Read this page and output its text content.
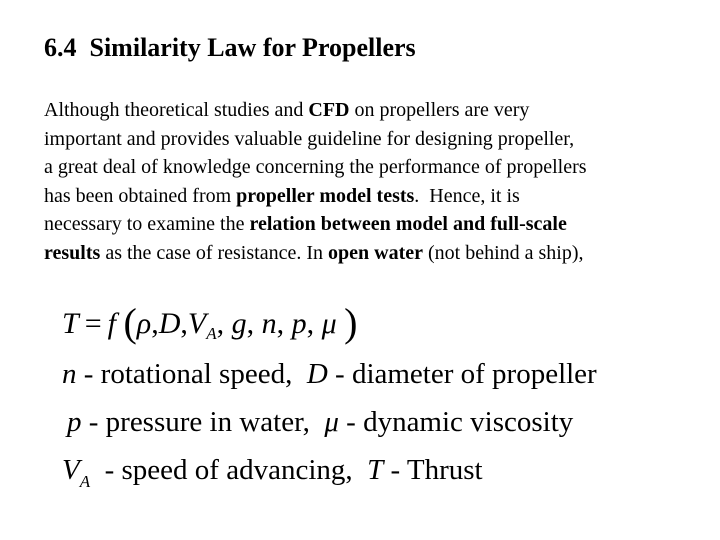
6.4  Similarity Law for Propellers
Although theoretical studies and CFD on propellers are very
important and provides valuable guideline for designing propeller,
a great deal of knowledge concerning the performance of propellers
has been obtained from propeller model tests.  Hence, it is
necessary to examine the relation between model and full-scale
results as the case of resistance. In open water (not behind a ship),
T = f ($\rho,D,V_A$, g, n, p, μ )
n - rotational speed,  D - diameter of propeller
p - pressure in water,  μ - dynamic viscosity
$V_A$  - speed of advancing,  T - Thrust
